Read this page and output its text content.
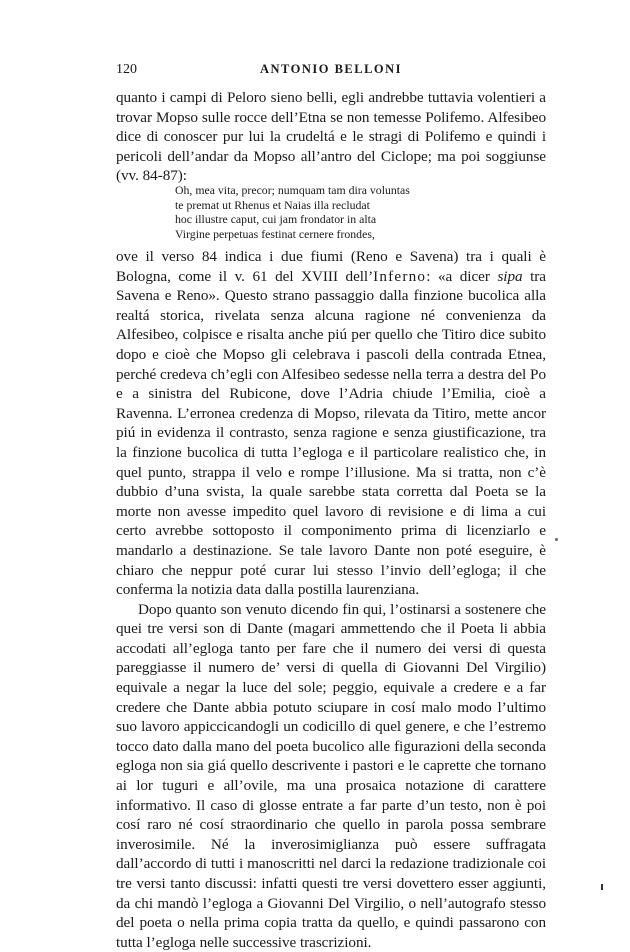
120	ANTONIO BELLONI

quanto i campi di Peloro sieno belli, egli andrebbe tuttavia volentieri a trovar Mopso sulle rocce dell’Etna se non temesse Polifemo. Alfesibeo dice di conoscer pur lui la crudeltá e le stragi di Polifemo e quindi i pericoli dell’andar da Mopso all’antro del Ciclope; ma poi soggiunse (vv. 84-87):

Oh, mea vita, precor; numquam tam dira voluntas
te premat ut Rhenus et Naias illa recludat
hoc illustre caput, cui jam frondator in alta
Virgine perpetuas festinat cernere frondes,

ove il verso 84 indica i due fiumi (Reno e Savena) tra i quali è Bologna, come il v. 61 del XVIII dell’Inferno: «a dicer sipa tra Savena e Reno». Questo strano passaggio dalla finzione bucolica alla realtá storica, rivelata senza alcuna ragione né convenienza da Alfesibeo, colpisce e risalta anche piú per quello che Titiro dice subito dopo e cioè che Mopso gli celebrava i pascoli della contrada Etnea, perché credeva ch’egli con Alfesibeo sedesse nella terra a destra del Po e a sinistra del Rubicone, dove l’Adria chiude l’Emilia, cioè a Ravenna. L’erronea credenza di Mopso, rilevata da Titiro, mette ancor piú in evidenza il contrasto, senza ragione e senza giustificazione, tra la finzione bucolica di tutta l’egloga e il particolare realistico che, in quel punto, strappa il velo e rompe l’illusione. Ma si tratta, non c’è dubbio d’una svista, la quale sarebbe stata corretta dal Poeta se la morte non avesse impedito quel lavoro di revisione e di lima a cui certo avrebbe sottoposto il componimento prima di licenziarlo e mandarlo a destinazione. Se tale lavoro Dante non poté eseguire, è chiaro che neppur poté curar lui stesso l’invio dell’egloga; il che conferma la notizia data dalla postilla laurenziana.

Dopo quanto son venuto dicendo fin qui, l’ostinarsi a sostenere che quei tre versi son di Dante (magari ammettendo che il Poeta li abbia accodati all’egloga tanto per fare che il numero dei versi di questa pareggiasse il numero de’ versi di quella di Giovanni Del Virgilio) equivale a negar la luce del sole; peggio, equivale a credere e a far credere che Dante abbia potuto sciupare in cosí malo modo l’ultimo suo lavoro appiccicandogli un codicillo di quel genere, e che l’estremo tocco dato dalla mano del poeta bucolico alle figurazioni della seconda egloga non sia giá quello descrivente i pastori e le caprette che tornano ai lor tuguri e all’ovile, ma una prosaica notazione di carattere informativo. Il caso di glosse entrate a far parte d’un testo, non è poi cosí raro né cosí straordinario che quello in parola possa sembrare inverosimile. Né la inverosimiglianza può essere suffragata dall’accordo di tutti i manoscritti nel darci la redazione tradizionale coi tre versi tanto discussi: infatti questi tre versi dovettero esser aggiunti, da chi mandò l’egloga a Giovanni Del Virgilio, o nell’autografo stesso del poeta o nella prima copia tratta da quello, e quindi passarono con tutta l’egloga nelle successive trascrizioni.
